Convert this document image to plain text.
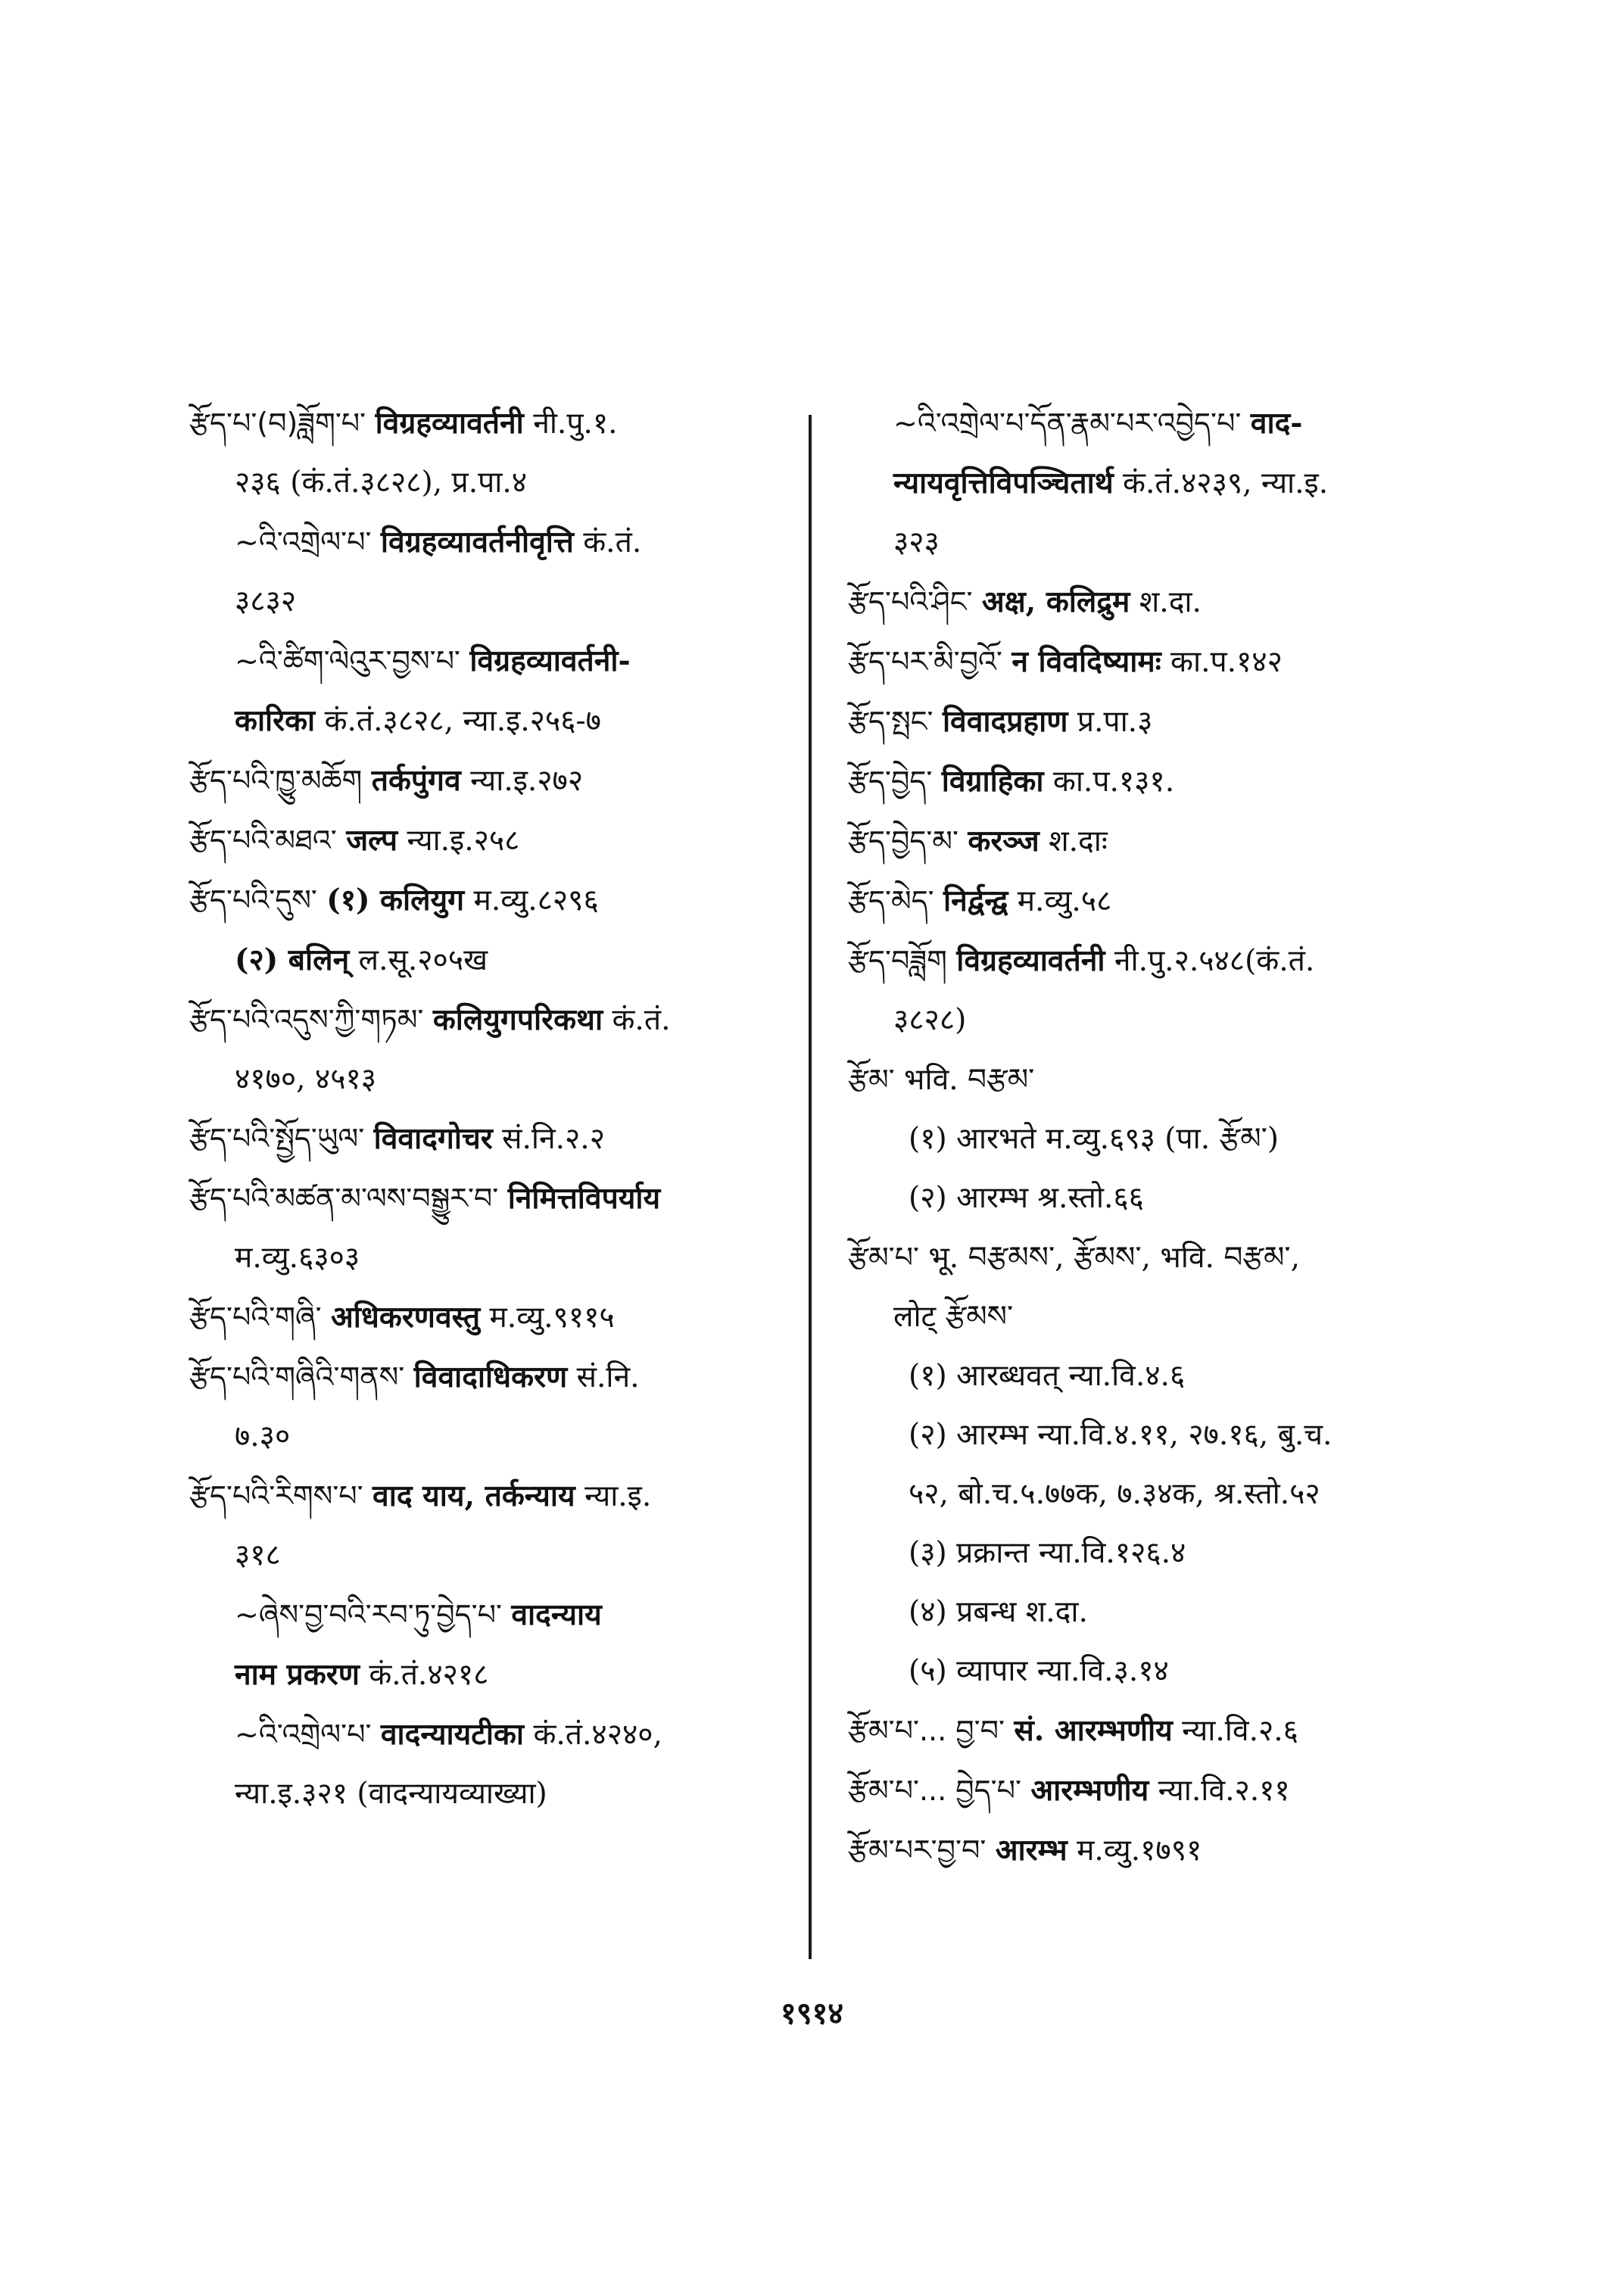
རྩོད་པ་(བ)ཟློག་པ་ विग्रहव्यावर्तनी नी.पु.१.
२३६ (कं.तं.३८२८), प्र.पा.४
~འི་འགྲེལ་པ་ विग्रहव्यावर्तनीवृत्ति कं.तं.
३८३२
~འི་ཚིག་ལེའུར་བྱས་པ་ विग्रहव्यावर्तनी-
कारिका कं.तं.३८२८, न्या.इ.२५६-७
རྩོད་པའི་ཁྱུ་མཆོག तर्कपुंगव न्या.इ.२७२
རྩོད་པའི་མཐའ་ जल्प न्या.इ.२५८
རྩོད་པའི་དུས་ (१) कलियुग म.व्यु.८२९६
(२) बलिन् ल.सू.२०५ख
རྩོད་པའི་འདུས་ཀྱི་གཏམ་ कलियुगपरिकथा कं.तं.
४१७०, ४५१३
རྩོད་པའི་སྤྱོད་ཡུལ་ विवादगोचर सं.नि.२.२
རྩོད་པའི་མཚན་མ་ལས་བསྒྱུར་བ་ निमित्तविपर्याय
म.व्यु.६३०३
རྩོད་པའི་གཞི་ अधिकरणवस्तु म.व्यु.९११५
རྩོད་པའི་གཞིའི་གནས་ विवादाधिकरण सं.नि.
७.३०
རྩོད་པའི་རིགས་པ་ वाद याय, तर्कन्याय न्या.इ.
३१८
~ཞེས་བྱ་བའི་རབ་ཏུ་བྱེད་པ་ वादन्याय
नाम प्रकरण कं.तं.४२१८
~འི་འགྲེལ་པ་ वादन्यायटीका कं.तं.४२४०,
न्या.इ.३२१ (वादन्यायव्याख्या)
~འི་འགྲེལ་པ་དོན་རྣམ་པར་འབྱེད་པ་ वाद-
न्यायवृत्तिविपञ्चितार्थ कं.तं.४२३९, न्या.इ.
३२३
རྩོད་པའི་ཤིང་ अक्ष, कलिद्रुम श.दा.
རྩོད་པར་མི་བྱའོ་ न विवदिष्यामः का.प.१४२
རྩོད་སྤང་ विवादप्रहाण प्र.पा.३
རྩོད་བྱེད་ विग्राहिका का.प.१३१.
རྩོད་བྱེད་མ་ करञ्ज श.दाः
རྩོད་མེད་ निर्द्वन्द्व म.व्यु.५८
རྩོད་བཟློག विग्रहव्यावर्तनी नी.पु.२.५४८(कं.तं.
३८२८)
རྩོམ་ भवि. བརྩམ་
(१) आरभते म.व्यु.६९३ (पा. རྩོམ་)
(२) आरम्भ श्र.स्तो.६६
རྩོམ་པ་ भू. བརྩམས་, རྩོམས་, भवि. བརྩམ་,
लोट् རྩོམས་
(१) आरब्धवत् न्या.वि.४.६
(२) आरम्भ न्या.वि.४.११, २७.१६, बु.च.
५२, बो.च.५.७७क, ७.३४क, श्र.स्तो.५२
(३) प्रक्रान्त न्या.वि.१२६.४
(४) प्रबन्ध श.दा.
(५) व्यापार न्या.वि.३.१४
རྩོམ་པ་... བྱ་བ་ सं. आरम्भणीय न्या.वि.२.६
རྩོམ་པ་... བྱེད་པ་ आरम्भणीय न्या.वि.२.११
རྩོམ་པར་བྱ་བ་ आरम्भ म.व्यु.१७९१
१९१४
